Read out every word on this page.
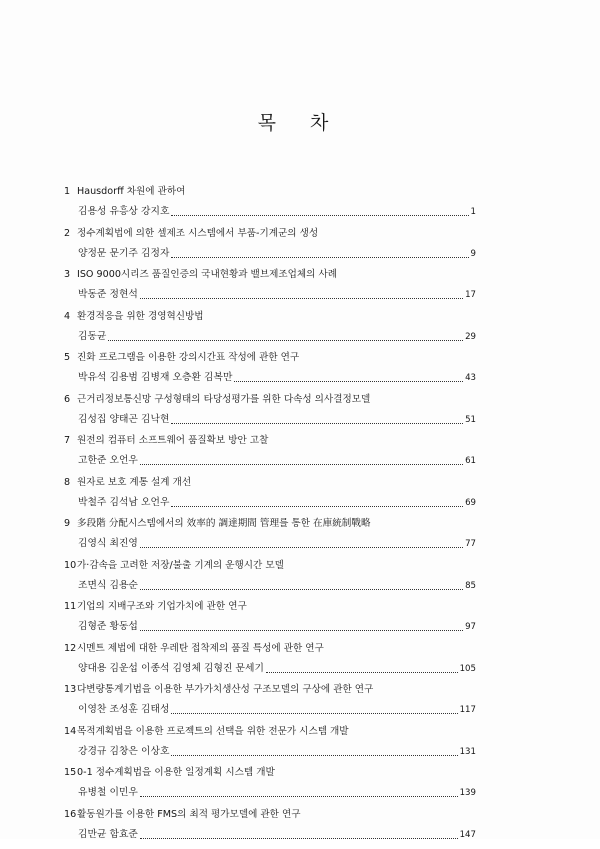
목 차
1 Hausdorff 차원에 관하여
김용성 유흥상 강지호	1
2 정수계획법에 의한 셀제조 시스템에서 부품-기계군의 생성
양정문 문기주 김정자	9
3 ISO 9000시리즈 품질인증의 국내현황과 밸브제조업체의 사례
박동준 정현석	17
4 환경적응을 위한 경영혁신방법
김동균	29
5 진화 프로그램을 이용한 강의시간표 작성에 관한 연구
박유석 김용범 김병재 오층환 김복만	43
6 근거리정보통신망 구성형태의 타당성평가를 위한 다속성 의사결정모델
김성집 양태곤 김낙현	51
7 원전의 컴퓨터 소프트웨어 품질확보 방안 고찰
고한준 오언우	61
8 원자로 보호 계통 설계 개선
박철주 김석남 오언우	69
9 多段階 分配시스템에서의 效率的 調達期間 管理를 통한 在庫統制戰略
김영식 최진영	77
10가·감속을 고려한 저장/불출 기계의 운행시간 모델
조면식 김용순	85
11기업의 지배구조와 기업가치에 관한 연구
김형준 황동섭	97
12시멘트 제법에 대한 우레탄 접착제의 품질 특성에 관한 연구
양대용 김운섭 이종석 김영체 김형진 문세기	105
13다변량통계기법을 이용한 부가가치생산성 구조모델의 구상에 관한 연구
이영찬 조성훈 김태성	117
14목적계획법을 이용한 프로젝트의 선택을 위한 전문가 시스템 개발
강경규 김창은 이상호	131
150-1 정수계획법을 이용한 일정계획 시스템 개발
유병철 이민우	139
16활동원가를 이용한 FMS의 최적 평가모델에 관한 연구
김만균 함효준	147
